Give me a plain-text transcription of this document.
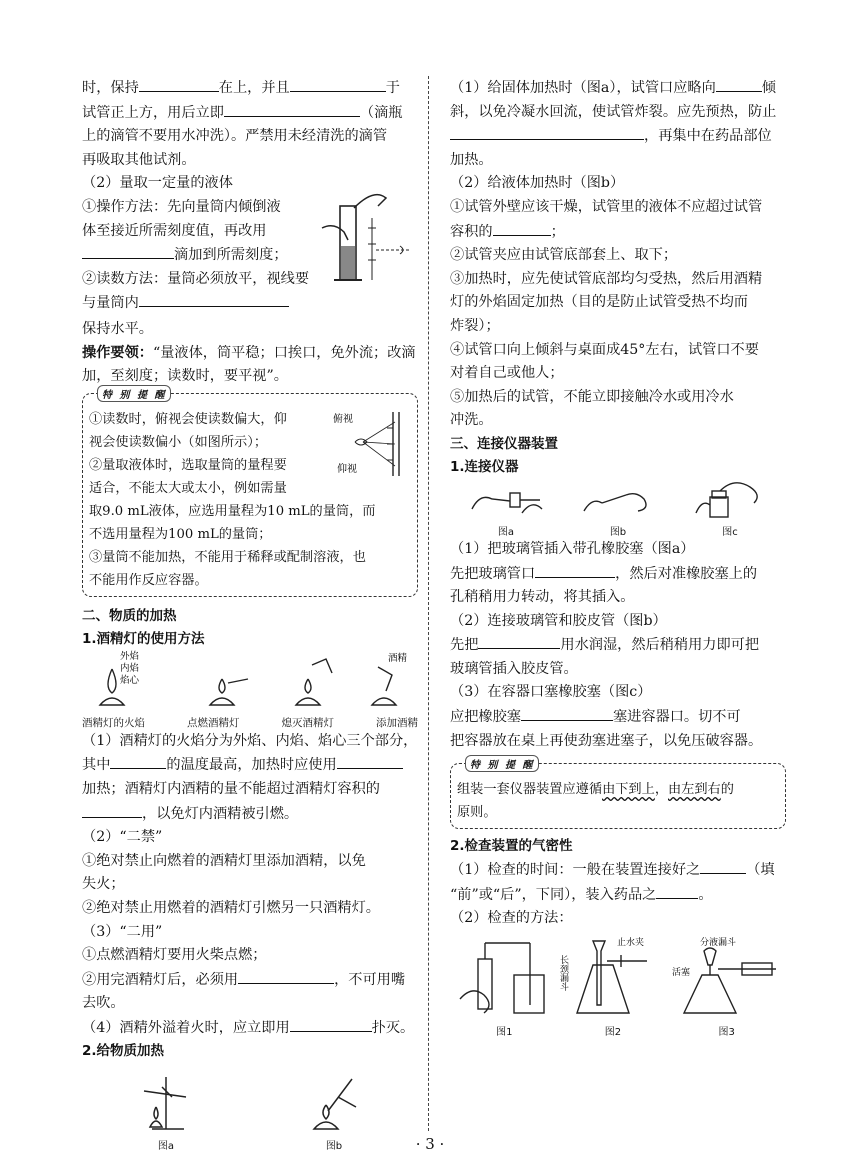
时，保持	在上，并且	于

试管正上方，用后立即	（滴瓶

上的滴管不要用水冲洗）。严禁用未经清洗的滴管

再吸取其他试剂。

（2）量取一定量的液体

①操作方法：先向量筒内倾倒液

体至接近所需刻度值，再改用

滴加到所需刻度；

②读数方法：量筒必须放平，视线要

与量筒内

保持水平。

操作要领：“量液体，筒平稳；口挨口，免外流；改滴加，至刻度；读数时，要平视”。

特 别 提 醒

①读数时，俯视会使读数偏大，仰

视会使读数偏小（如图所示）；

②量取液体时，选取量筒的量程要

适合，不能太大或太小，例如需量

俯视
仰视

取9.0 mL液体，应选用量程为10 mL的量筒，而

不选用量程为100 mL的量筒；

③量筒不能加热，不能用于稀释或配制溶液，也

不能用作反应容器。

二、物质的加热

1.酒精灯的使用方法

外焰
内焰
焰心
酒精
酒精灯的火焰	点燃酒精灯	熄灭酒精灯	添加酒精

（1）酒精灯的火焰分为外焰、内焰、焰心三个部分，

其中	的温度最高，加热时应使用

加热；酒精灯内酒精的量不能超过酒精灯容积的

，以免灯内酒精被引燃。

（2）“二禁”

①绝对禁止向燃着的酒精灯里添加酒精，以免

失火；

②绝对禁止用燃着的酒精灯引燃另一只酒精灯。

（3）“二用”

①点燃酒精灯要用火柴点燃；

②用完酒精灯后，必须用	，不可用嘴

去吹。

（4）酒精外溢着火时，应立即用	扑灭。

2.给物质加热

图a	图b

（1）给固体加热时（图a），试管口应略向	倾

斜，以免冷凝水回流，使试管炸裂。应先预热，防止

，再集中在药品部位

加热。

（2）给液体加热时（图b）

①试管外壁应该干燥，试管里的液体不应超过试管

容积的	；

②试管夹应由试管底部套上、取下；

③加热时，应先使试管底部均匀受热，然后用酒精

灯的外焰固定加热（目的是防止试管受热不均而

炸裂）；

④试管口向上倾斜与桌面成45°左右，试管口不要

对着自己或他人；

⑤加热后的试管，不能立即接触冷水或用冷水

冲洗。

三、连接仪器装置

1.连接仪器

图a	图b	图c

（1）把玻璃管插入带孔橡胶塞（图a）

先把玻璃管口	，然后对准橡胶塞上的

孔稍稍用力转动，将其插入。

（2）连接玻璃管和胶皮管（图b）

先把	用水润湿，然后稍稍用力即可把

玻璃管插入胶皮管。

（3）在容器口塞橡胶塞（图c）

应把橡胶塞	塞进容器口。切不可

把容器放在桌上再使劲塞进塞子，以免压破容器。

特 别 提 醒

组装一套仪器装置应遵循由下到上，由左到右的

原则。

2.检查装置的气密性

（1）检查的时间：一般在装置连接好之	（填

“前”或“后”，下同），装入药品之	。

（2）检查的方法：

图1
长颈漏斗
止水夹
图2
分液漏斗
活塞
图3
· 3 ·
